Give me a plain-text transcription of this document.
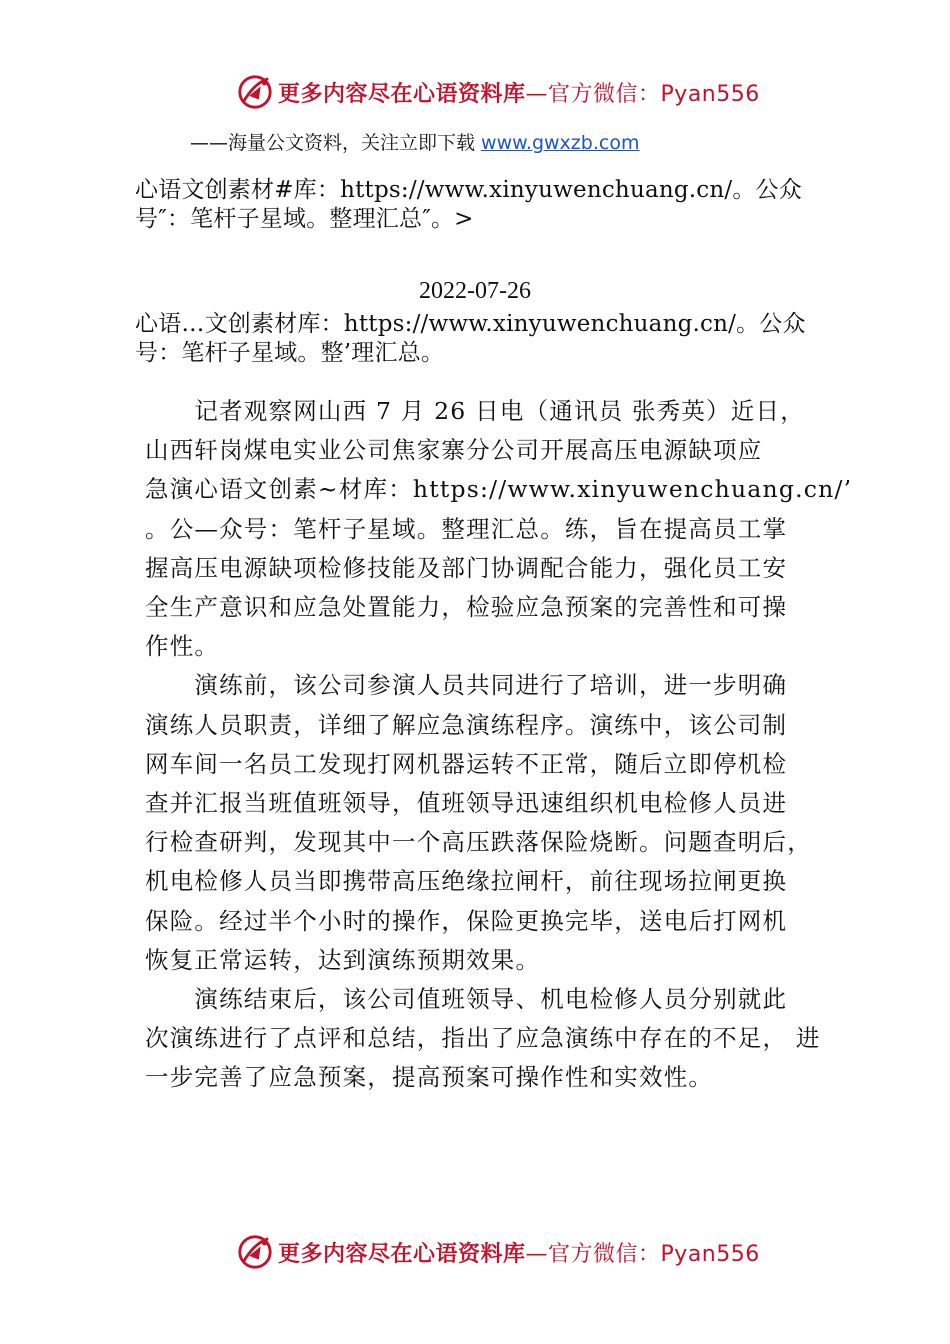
更多内容尽在心语资料库—官方微信：Pyan556
——海量公文资料，关注立即下载 www.gwxzb.com
心语文创素材#库：https://www.xinyuwenchuang.cn/。公众
号″：笔杆子星域。整理汇总″。>
2022-07-26
心语…文创素材库：https://www.xinyuwenchuang.cn/。公众
号：笔杆子星域。整’理汇总。
　　记者观察网山西 7 月 26 日电（通讯员 张秀英）近日，
山西轩岗煤电实业公司焦家寨分公司开展高压电源缺项应
急演心语文创素~材库：https://www.xinyuwenchuang.cn/’
。公—众号：笔杆子星域。整理汇总。练，旨在提高员工掌
握高压电源缺项检修技能及部门协调配合能力，强化员工安
全生产意识和应急处置能力，检验应急预案的完善性和可操
作性。
　　演练前，该公司参演人员共同进行了培训，进一步明确
演练人员职责，详细了解应急演练程序。演练中，该公司制
网车间一名员工发现打网机器运转不正常，随后立即停机检
查并汇报当班值班领导，值班领导迅速组织机电检修人员进
行检查研判，发现其中一个高压跌落保险烧断。问题查明后，
机电检修人员当即携带高压绝缘拉闸杆，前往现场拉闸更换
保险。经过半个小时的操作，保险更换完毕，送电后打网机
恢复正常运转，达到演练预期效果。
　　演练结束后，该公司值班领导、机电检修人员分别就此
次演练进行了点评和总结，指出了应急演练中存在的不足， 进
一步完善了应急预案，提高预案可操作性和实效性。
更多内容尽在心语资料库—官方微信：Pyan556
